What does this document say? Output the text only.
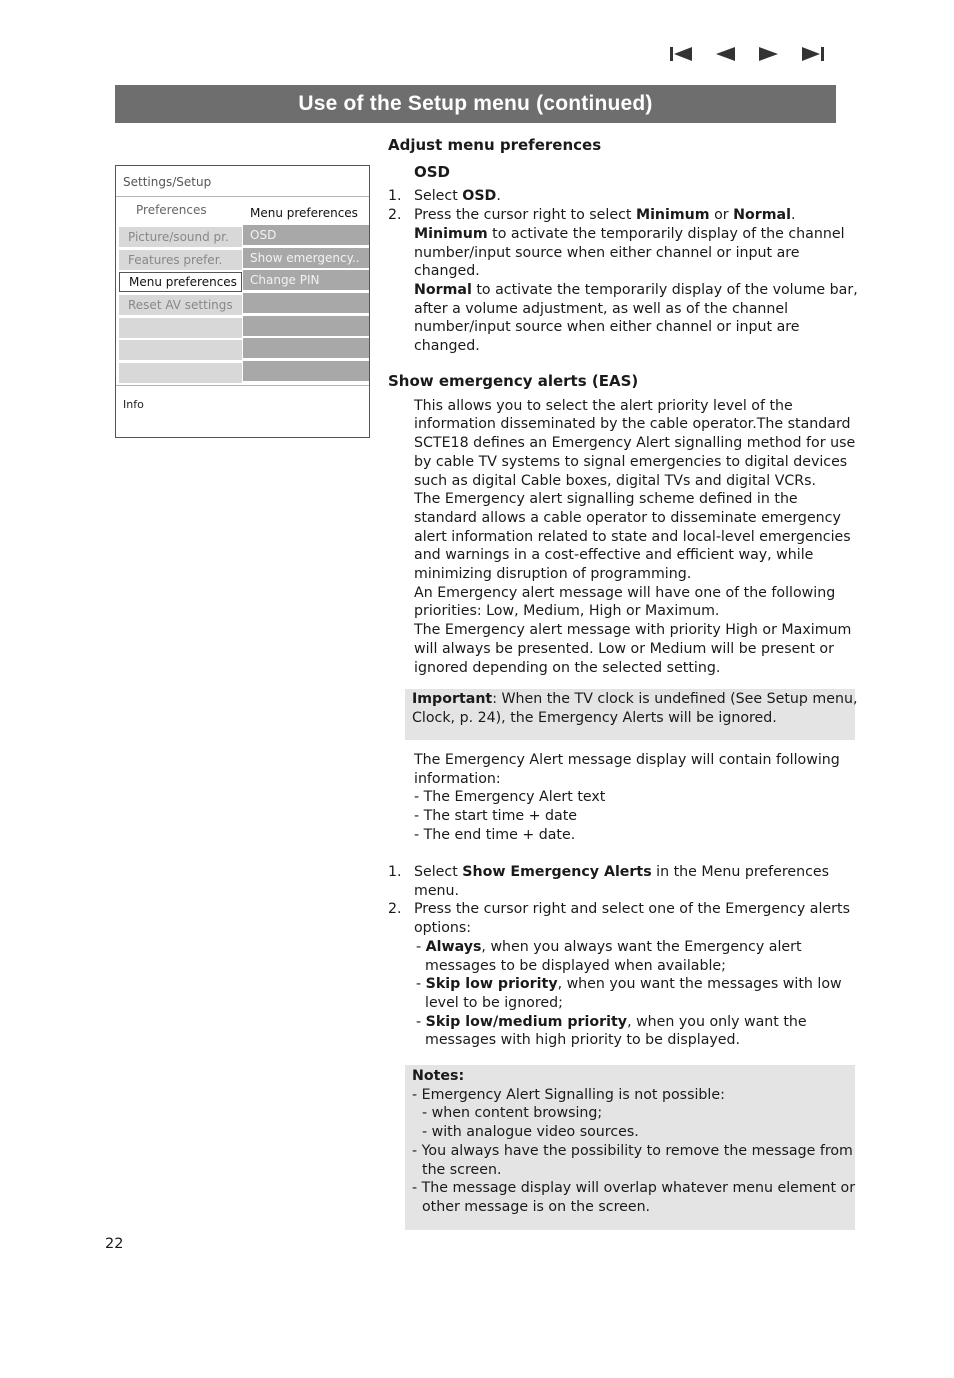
Use of the Setup menu (continued)
Settings/Setup
Preferences	Menu preferences
Picture/sound pr.
Features prefer.
Menu preferences
Reset AV settings
OSD
Show emergency..
Change PIN
Info
Adjust menu preferences
OSD
1. Select OSD.
2. Press the cursor right to select Minimum or Normal.
Minimum to activate the temporarily display of the channel number/input source when either channel or input are changed.
Normal to activate the temporarily display of the volume bar, after a volume adjustment, as well as of the channel number/input source when either channel or input are changed.
Show emergency alerts (EAS)
This allows you to select the alert priority level of the information disseminated by the cable operator.The standard SCTE18 defines an Emergency Alert signalling method for use by cable TV systems to signal emergencies to digital devices such as digital Cable boxes, digital TVs and digital VCRs.
The Emergency alert signalling scheme defined in the standard allows a cable operator to disseminate emergency alert information related to state and local-level emergencies and warnings in a cost-effective and efficient way, while minimizing disruption of programming.
An Emergency alert message will have one of the following priorities: Low, Medium, High or Maximum.
The Emergency alert message with priority High or Maximum will always be presented. Low or Medium will be present or ignored depending on the selected setting.
Important: When the TV clock is undefined (See Setup menu,
Clock, p. 24), the Emergency Alerts will be ignored.
The Emergency Alert message display will contain following information:
- The Emergency Alert text
- The start time + date
- The end time + date.
1. Select Show Emergency Alerts in the Menu preferences menu.
2. Press the cursor right and select one of the Emergency alerts options:
- Always, when you always want the Emergency alert messages to be displayed when available;
- Skip low priority, when you want the messages with low level to be ignored;
- Skip low/medium priority, when you only want the messages with high priority to be displayed.
Notes:
- Emergency Alert Signalling is not possible:
- when content browsing;
- with analogue video sources.
- You always have the possibility to remove the message from
the screen.
- The message display will overlap whatever menu element or
other message is on the screen.
22
